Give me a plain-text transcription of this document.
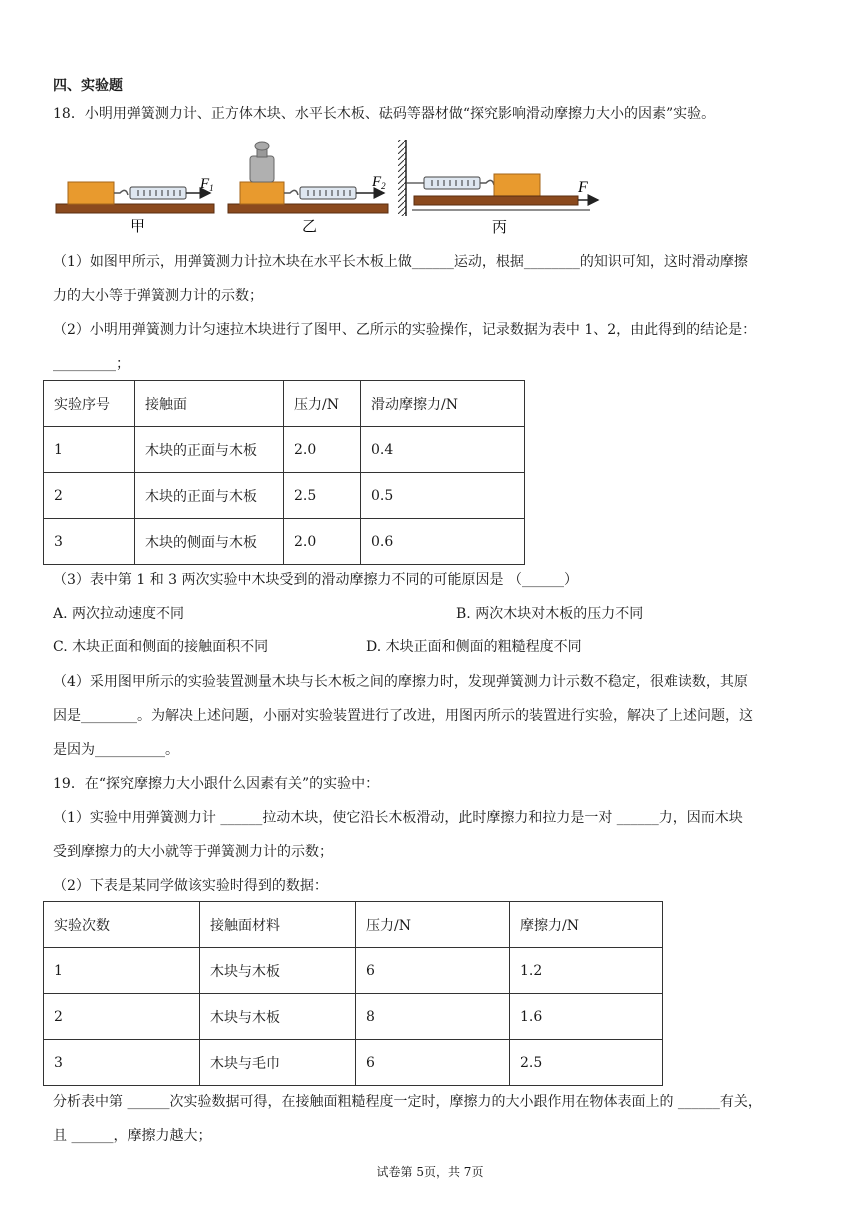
四、实验题
18．小明用弹簧测力计、正方体木块、水平长木板、砝码等器材做“探究影响滑动摩擦力大小的因素”实验。
$F_1$
甲
$F_2$
乙
F
丙
（1）如图甲所示，用弹簧测力计拉木块在水平长木板上做______运动，根据________的知识可知，这时滑动摩擦
力的大小等于弹簧测力计的示数；
（2）小明用弹簧测力计匀速拉木块进行了图甲、乙所示的实验操作，记录数据为表中 1、2，由此得到的结论是：
_________；
实验序号	接触面	压力/N	滑动摩擦力/N
1	木块的正面与木板	2.0	0.4
2	木块的正面与木板	2.5	0.5
3	木块的侧面与木板	2.0	0.6
（3）表中第 1 和 3 两次实验中木块受到的滑动摩擦力不同的可能原因是 （______）
A. 两次拉动速度不同	B. 两次木块对木板的压力不同
C. 木块正面和侧面的接触面积不同	D. 木块正面和侧面的粗糙程度不同
（4）采用图甲所示的实验装置测量木块与长木板之间的摩擦力时，发现弹簧测力计示数不稳定，很难读数，其原
因是________。为解决上述问题，小丽对实验装置进行了改进，用图丙所示的装置进行实验，解决了上述问题，这
是因为__________。
19．在“探究摩擦力大小跟什么因素有关”的实验中：
（1）实验中用弹簧测力计 ______拉动木块，使它沿长木板滑动，此时摩擦力和拉力是一对 ______力，因而木块
受到摩擦力的大小就等于弹簧测力计的示数；
（2）下表是某同学做该实验时得到的数据：
实验次数	接触面材料	压力/N	摩擦力/N
1	木块与木板	6	1.2
2	木块与木板	8	1.6
3	木块与毛巾	6	2.5
分析表中第 ______次实验数据可得，在接触面粗糙程度一定时，摩擦力的大小跟作用在物体表面上的 ______有关，
且 ______，摩擦力越大；
试卷第 5页，共 7页
